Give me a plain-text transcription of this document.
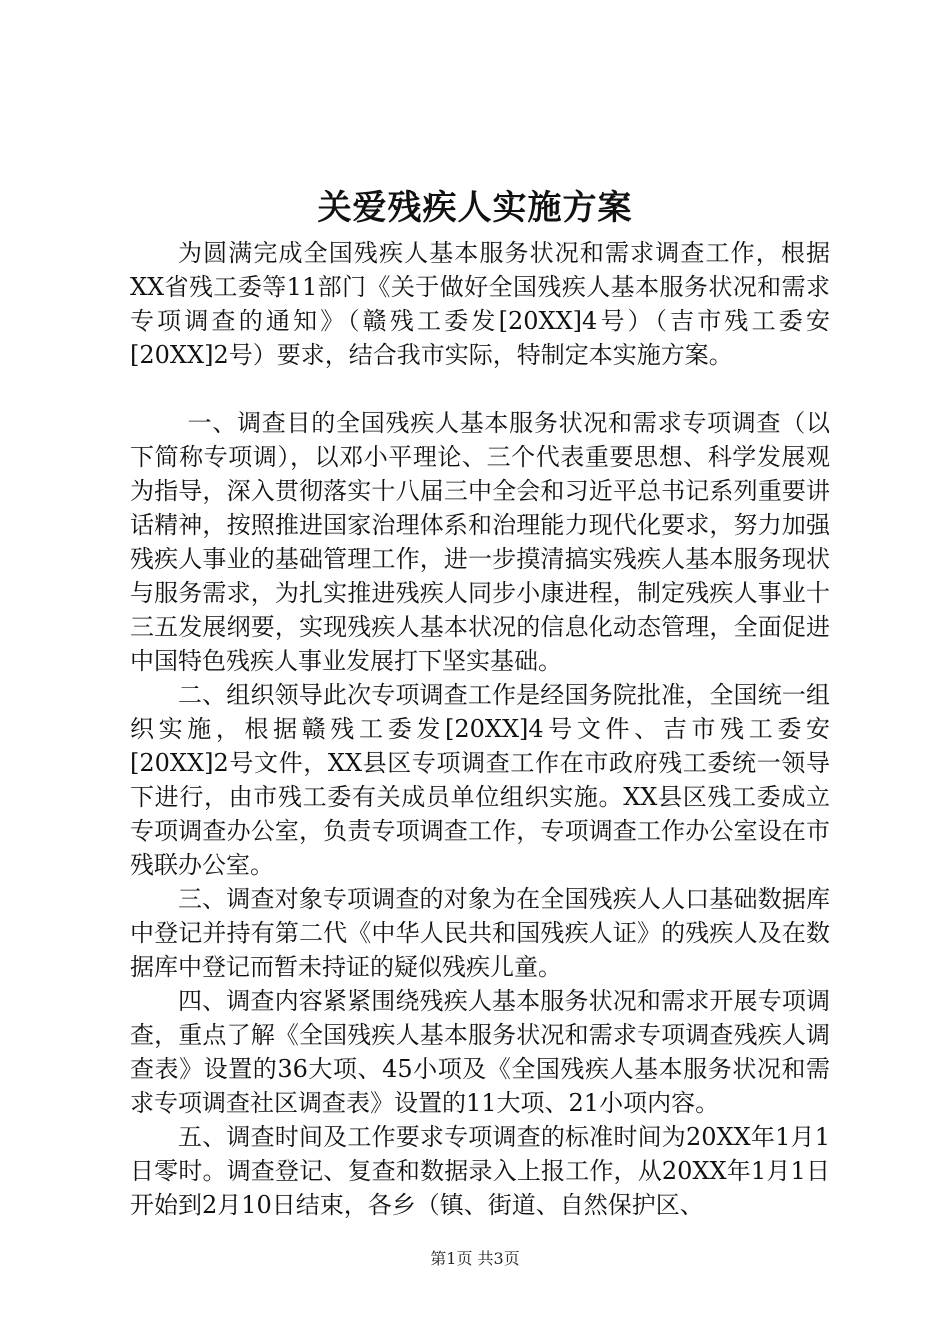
关爱残疾人实施方案

为圆满完成全国残疾人基本服务状况和需求调查工作，根据XX省残工委等11部门《关于做好全国残疾人基本服务状况和需求专项调查的通知》（赣残工委发[20XX]4号）（吉市残工委安[20XX]2号）要求，结合我市实际，特制定本实施方案。

一、调查目的全国残疾人基本服务状况和需求专项调查（以下简称专项调），以邓小平理论、三个代表重要思想、科学发展观为指导，深入贯彻落实十八届三中全会和习近平总书记系列重要讲话精神，按照推进国家治理体系和治理能力现代化要求，努力加强残疾人事业的基础管理工作，进一步摸清搞实残疾人基本服务现状与服务需求，为扎实推进残疾人同步小康进程，制定残疾人事业十三五发展纲要，实现残疾人基本状况的信息化动态管理，全面促进中国特色残疾人事业发展打下坚实基础。

二、组织领导此次专项调查工作是经国务院批准，全国统一组织实施，根据赣残工委发[20XX]4号文件、吉市残工委安[20XX]2号文件，XX县区专项调查工作在市政府残工委统一领导下进行，由市残工委有关成员单位组织实施。XX县区残工委成立专项调查办公室，负责专项调查工作，专项调查工作办公室设在市残联办公室。

三、调查对象专项调查的对象为在全国残疾人人口基础数据库中登记并持有第二代《中华人民共和国残疾人证》的残疾人及在数据库中登记而暂未持证的疑似残疾儿童。

四、调查内容紧紧围绕残疾人基本服务状况和需求开展专项调查，重点了解《全国残疾人基本服务状况和需求专项调查残疾人调查表》设置的36大项、45小项及《全国残疾人基本服务状况和需求专项调查社区调查表》设置的11大项、21小项内容。

五、调查时间及工作要求专项调查的标准时间为20XX年1月1日零时。调查登记、复查和数据录入上报工作，从20XX年1月1日开始到2月10日结束，各乡（镇、街道、自然保护区、

第1页 共3页
